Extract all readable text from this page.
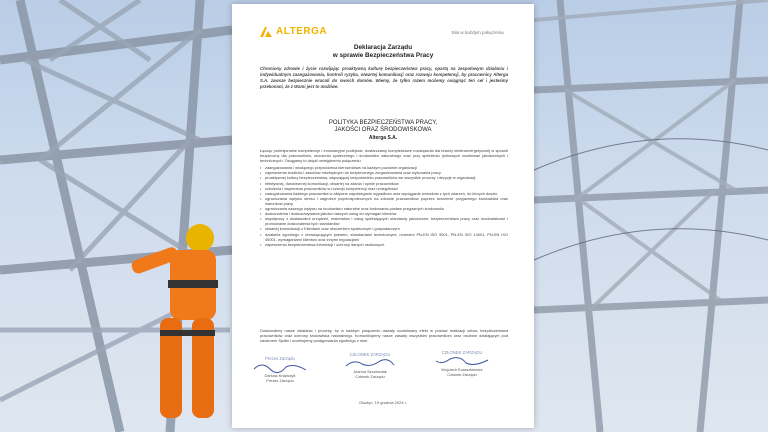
ALTERGA	Siła w każdym połączeniu
Deklaracja Zarządu
w sprawie Bezpieczeństwa Pracy
Chroniony zdrowie i życie rozwijając proaktywną kulturę bezpieczeństwa pracy, opartą na zespołowym działaniu i indywidualnym zaangażowaniu, kontroli ryzyka, otwartej komunikacji oraz rozwoju kompetencji, by pracownicy Alterga S.A. zawsze bezpiecznie wracali do swoich domów. Wiemy, że tylko razem możemy osiągnąć ten cel i jesteśmy przekonani, że z Wami jest to możliwe.
POLITYKA BEZPIECZEŃSTWA PRACY,
JAKOŚCI ORAZ ŚRODOWISKOWA
Alterga S.A.
Łącząc profesjonalne kompetencje i innowacyjne podejście, dostarczamy kompleksowe rozwiązania dla branży elektroenergetycznej w sposób bezpieczny dla pracowników, otoczenia społecznego i środowiska naturalnego oraz przy spełnieniu rynkowych oczekiwań jakościowych i technicznych. Osiągamy to dzięki umiejętnemu połączeniu:
• zaangażowania i wiodącego przywództwa kierownictwa na każdym poziomie organizacji
• zapewnienia środków i zasobów niezbędnych do bezpiecznego zorganizowania oraz wykonania pracy
• proaktywnej kultury bezpieczeństwa, włączającej bezpośrednio pracowników we wszystkie procesy i decyzje w organizacji
• efektywnej, dwustronnej komunikacji, otwartej na zdania i opinie pracowników
• szkolenia i wspierania pracowników w rozwoju kompetencji oraz umiejętności
• zaangażowania każdego pracownika w aktywne zapobieganie wypadkom oraz wyciąganie wniosków z tych zdarzeń, do których doszło
• ograniczania wpływu stresu i zagrożeń psychospołecznych na zdrowie pracowników poprzez tworzenie przyjaznego środowiska oraz warunków pracy
• ograniczania naszego wpływu na środowisko naturalne oraz budowania postaw przyjaznych środowisku
• doskonalenia i dostosowywania jakości naszych usług do wymagań klientów
• współpracy z dostawcami urządzeń, materiałów i usług spełniających standardy jakościowe, bezpieczeństwa pracy oraz środowiskowe i promowanie doskonalenia tych standardów
• otwartej komunikacji z Klientami oraz otoczeniem społecznym i gospodarczym
• działania zgodnego z obowiązującym prawem, standardami technicznymi, normami PN-EN ISO 9001, PN-EN ISO 14001, PN-EN ISO 45001, wymaganiami klientów oraz innymi regulacjami
• zapewnienia bezpieczeństwa informacji i ochrony danych osobowych.
Doskonalimy nasze działania i procesy, by w każdym połączeniu dawały oczekiwany efekt w postaci realizacji celów, bezpieczeństwa pracowników oraz ochrony środowiska naturalnego. Komunikujemy nasze zasady wszystkim pracownikom oraz osobom działającym pod nadzorem Spółki i oczekujemy postępowania zgodnego z nimi.
Prezes Zarządu
Dariusz Krawczyk
Prezes Zarządu
CZŁONEK ZARZĄDU
Joanna Szczesniak
Członek Zarządu
CZŁONEK ZARZĄDU
Wojciech Kuraszkiewicz
Członek Zarządu
Olsztyn, 19 grudnia 2024 r.
